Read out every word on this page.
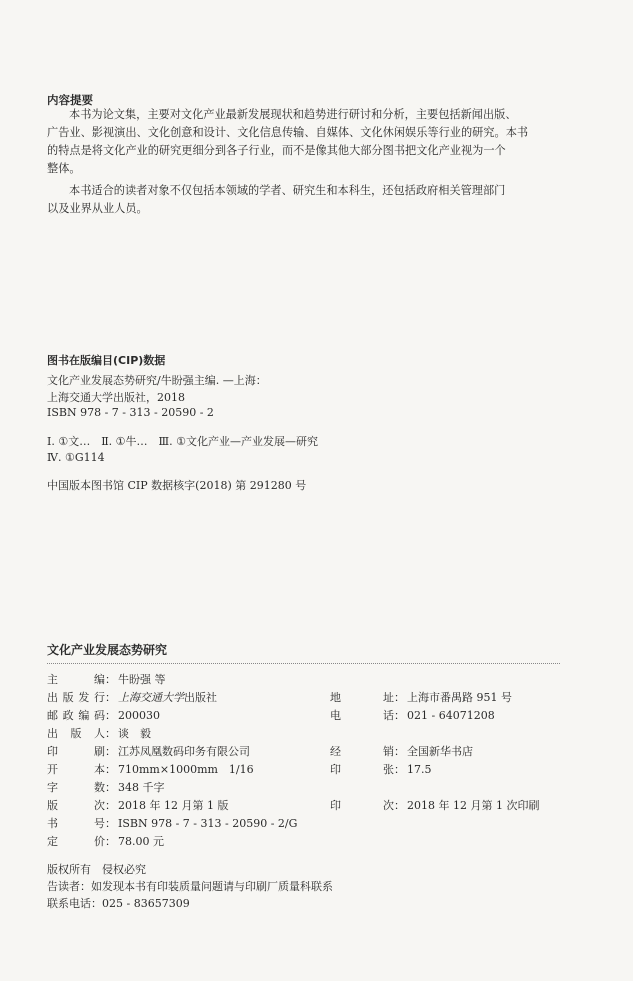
内容提要
本书为论文集，主要对文化产业最新发展现状和趋势进行研讨和分析，主要包括新闻出版、
广告业、影视演出、文化创意和设计、文化信息传输、自媒体、文化休闲娱乐等行业的研究。本书
的特点是将文化产业的研究更细分到各子行业，而不是像其他大部分图书把文化产业视为一个
整体。
本书适合的读者对象不仅包括本领域的学者、研究生和本科生，还包括政府相关管理部门
以及业界从业人员。
图书在版编目(CIP)数据
文化产业发展态势研究/牛盼强主编. —上海：
上海交通大学出版社，2018
ISBN 978 - 7 - 313 - 20590 - 2
Ⅰ. ①文…　Ⅱ. ①牛…　Ⅲ. ①文化产业—产业发展—研究
Ⅳ. ①G114
中国版本图书馆 CIP 数据核字(2018) 第 291280 号
文化产业发展态势研究
主编： 牛盼强 等
出版发行： 上海交通大学出版社
邮政编码： 200030
出版人： 谈　毅
印刷： 江苏凤凰数码印务有限公司
开本： 710mm×1000mm　1/16
字数： 348 千字
版次： 2018 年 12 月第 1 版
书号： ISBN 978 - 7 - 313 - 20590 - 2/G
定价： 78.00 元
地址： 上海市番禺路 951 号
电话： 021 - 64071208
经销： 全国新华书店
印张： 17.5
印次： 2018 年 12 月第 1 次印刷
版权所有　侵权必究
告读者：如发现本书有印装质量问题请与印刷厂质量科联系
联系电话：025 - 83657309
